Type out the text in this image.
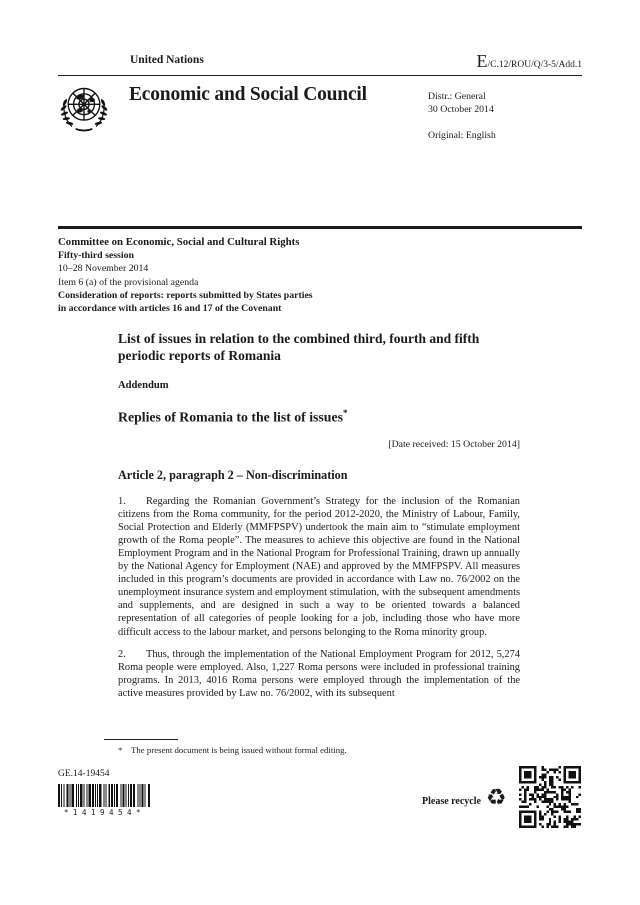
United Nations	E/C.12/ROU/Q/3-5/Add.1
Economic and Social Council	Distr.: General
30 October 2014
Original: English
Committee on Economic, Social and Cultural Rights
Fifty-third session
10–28 November 2014
Item 6 (a) of the provisional agenda
Consideration of reports: reports submitted by States parties
in accordance with articles 16 and 17 of the Covenant
List of issues in relation to the combined third, fourth and fifth periodic reports of Romania
Addendum
Replies of Romania to the list of issues*
[Date received: 15 October 2014]
Article 2, paragraph 2 – Non-discrimination

1. Regarding the Romanian Government’s Strategy for the inclusion of the Romanian citizens from the Roma community, for the period 2012-2020, the Ministry of Labour, Family, Social Protection and Elderly (MMFPSPV) undertook the main aim to “stimulate employment growth of the Roma people”. The measures to achieve this objective are found in the National Employment Program and in the National Program for Professional Training, drawn up annually by the National Agency for Employment (NAE) and approved by the MMFPSPV. All measures included in this program’s documents are provided in accordance with Law no. 76/2002 on the unemployment insurance system and employment stimulation, with the subsequent amendments and supplements, and are designed in such a way to be oriented towards a balanced representation of all categories of people looking for a job, including those who have more difficult access to the labour market, and persons belonging to the Roma minority group.

2. Thus, through the implementation of the National Employment Program for 2012, 5,274 Roma people were employed. Also, 1,227 Roma persons were included in professional training programs. In 2013, 4016 Roma persons were employed through the implementation of the active measures provided by Law no. 76/2002, with its subsequent

* The present document is being issued without formal editing.
GE.14-19454
*1419454*
Please recycle ♻
